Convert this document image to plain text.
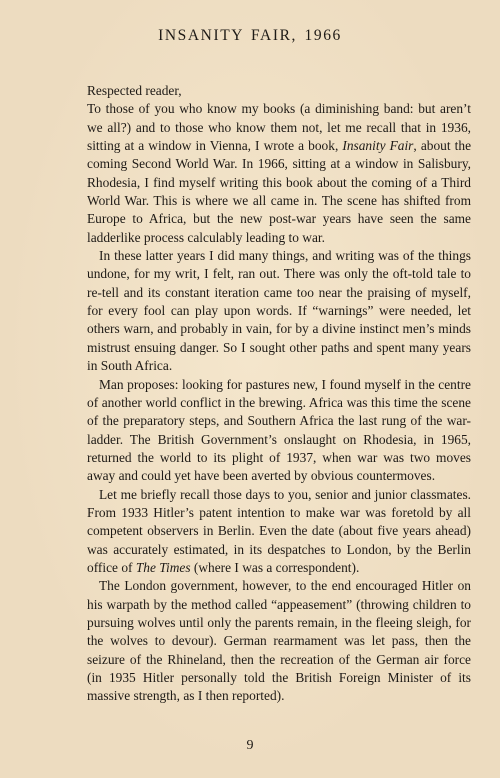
INSANITY FAIR, 1966

Respected reader,

To those of you who know my books (a diminishing band: but aren’t we all?) and to those who know them not, let me recall that in 1936, sitting at a window in Vienna, I wrote a book, Insanity Fair, about the coming Second World War. In 1966, sitting at a window in Salisbury, Rhodesia, I find myself writing this book about the coming of a Third World War. This is where we all came in. The scene has shifted from Europe to Africa, but the new post-war years have seen the same ladderlike process calculably leading to war.

In these latter years I did many things, and writing was of the things undone, for my writ, I felt, ran out. There was only the oft-told tale to re-tell and its constant iteration came too near the praising of myself, for every fool can play upon words. If “warnings” were needed, let others warn, and probably in vain, for by a divine instinct men’s minds mistrust ensuing danger. So I sought other paths and spent many years in South Africa.

Man proposes: looking for pastures new, I found myself in the centre of another world conflict in the brewing. Africa was this time the scene of the preparatory steps, and Southern Africa the last rung of the war-ladder. The British Government’s onslaught on Rhodesia, in 1965, returned the world to its plight of 1937, when war was two moves away and could yet have been averted by obvious countermoves.

Let me briefly recall those days to you, senior and junior classmates. From 1933 Hitler’s patent intention to make war was foretold by all competent observers in Berlin. Even the date (about five years ahead) was accurately estimated, in its despatches to London, by the Berlin office of The Times (where I was a correspondent).

The London government, however, to the end encouraged Hitler on his warpath by the method called “appeasement” (throwing children to pursuing wolves until only the parents remain, in the fleeing sleigh, for the wolves to devour). German rearmament was let pass, then the seizure of the Rhineland, then the recreation of the German air force (in 1935 Hitler personally told the British Foreign Minister of its massive strength, as I then reported).

9
